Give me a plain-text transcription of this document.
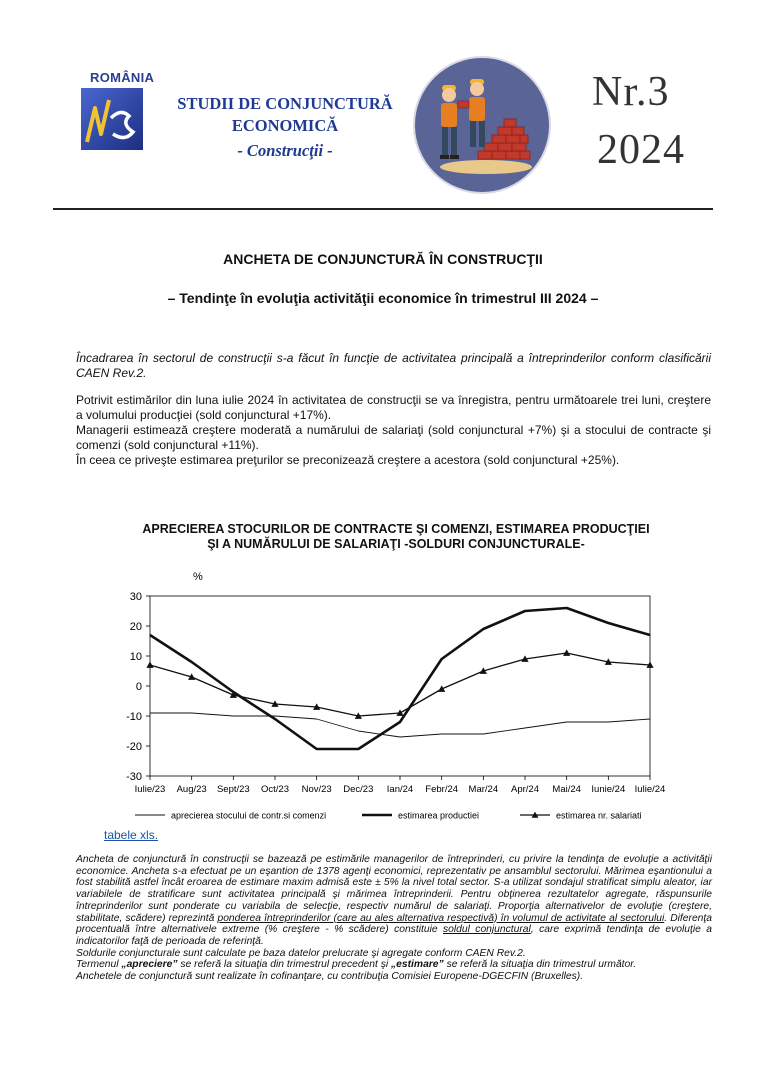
ROMÂNIA
STUDII DE CONJUNCTURĂ
ECONOMICĂ
- Construcţii -
Nr.3
2024
ANCHETA DE CONJUNCTURĂ ÎN CONSTRUCŢII
– Tendinţe în evoluţia activităţii economice în trimestrul III 2024 –
Încadrarea în sectorul de construcţii s-a făcut în funcţie de activitatea principală a întreprinderilor conform clasificării CAEN Rev.2.
Potrivit estimărilor din luna iulie 2024 în activitatea de construcţii se va înregistra, pentru următoarele trei luni, creştere a volumului producţiei (sold conjunctural +17%).
Managerii estimează creştere moderată a numărului de salariaţi (sold conjunctural +7%) şi a stocului de contracte şi comenzi (sold conjunctural +11%).
În ceea ce priveşte estimarea preţurilor se preconizează creştere a acestora (sold conjunctural +25%).
APRECIEREA STOCURILOR DE CONTRACTE ŞI COMENZI, ESTIMAREA PRODUCŢIEI
ŞI A NUMĂRULUI DE SALARIAŢI -SOLDURI CONJUNCTURALE-
%
30
20
10
0
-10
-20
-30
Iulie/23 Aug/23 Sept/23 Oct/23 Nov/23 Dec/23 Ian/24 Febr/24 Mar/24 Apr/24 Mai/24 Iunie/24 Iulie/24
aprecierea stocului de contr.si comenzi	estimarea productiei	estimarea nr. salariati
tabele xls.

Ancheta de conjunctură în construcţii se bazează pe estimările managerilor de întreprinderi, cu privire la tendinţa de evoluţie a activităţii economice. Ancheta s-a efectuat pe un eşantion de 1378 agenţi economici, reprezentativ pe ansamblul sectorului. Mărimea eşantionului a fost stabilită astfel încât eroarea de estimare maxim admisă este ± 5% la nivel total sector. S-a utilizat sondajul stratificat simplu aleator, iar variabilele de stratificare sunt activitatea principală şi mărimea întreprinderii. Pentru obţinerea rezultatelor agregate, răspunsurile întreprinderilor sunt ponderate cu variabila de selecţie, respectiv numărul de salariaţi. Proporţia alternativelor de evoluţie (creştere, stabilitate, scădere) reprezintă ponderea întreprinderilor (care au ales alternativa respectivă) în volumul de activitate al sectorului. Diferenţa procentuală între alternativele extreme (% creştere - % scădere) constituie soldul conjunctural, care exprimă tendinţa de evoluţie a indicatorilor faţă de perioada de referinţă.

Soldurile conjuncturale sunt calculate pe baza datelor prelucrate şi agregate conform CAEN Rev.2.

Termenul „apreciere” se referă la situaţia din trimestrul precedent şi „estimare” se referă la situaţia din trimestrul următor.

Anchetele de conjunctură sunt realizate în cofinanţare, cu contribuţia Comisiei Europene-DGECFIN (Bruxelles).
